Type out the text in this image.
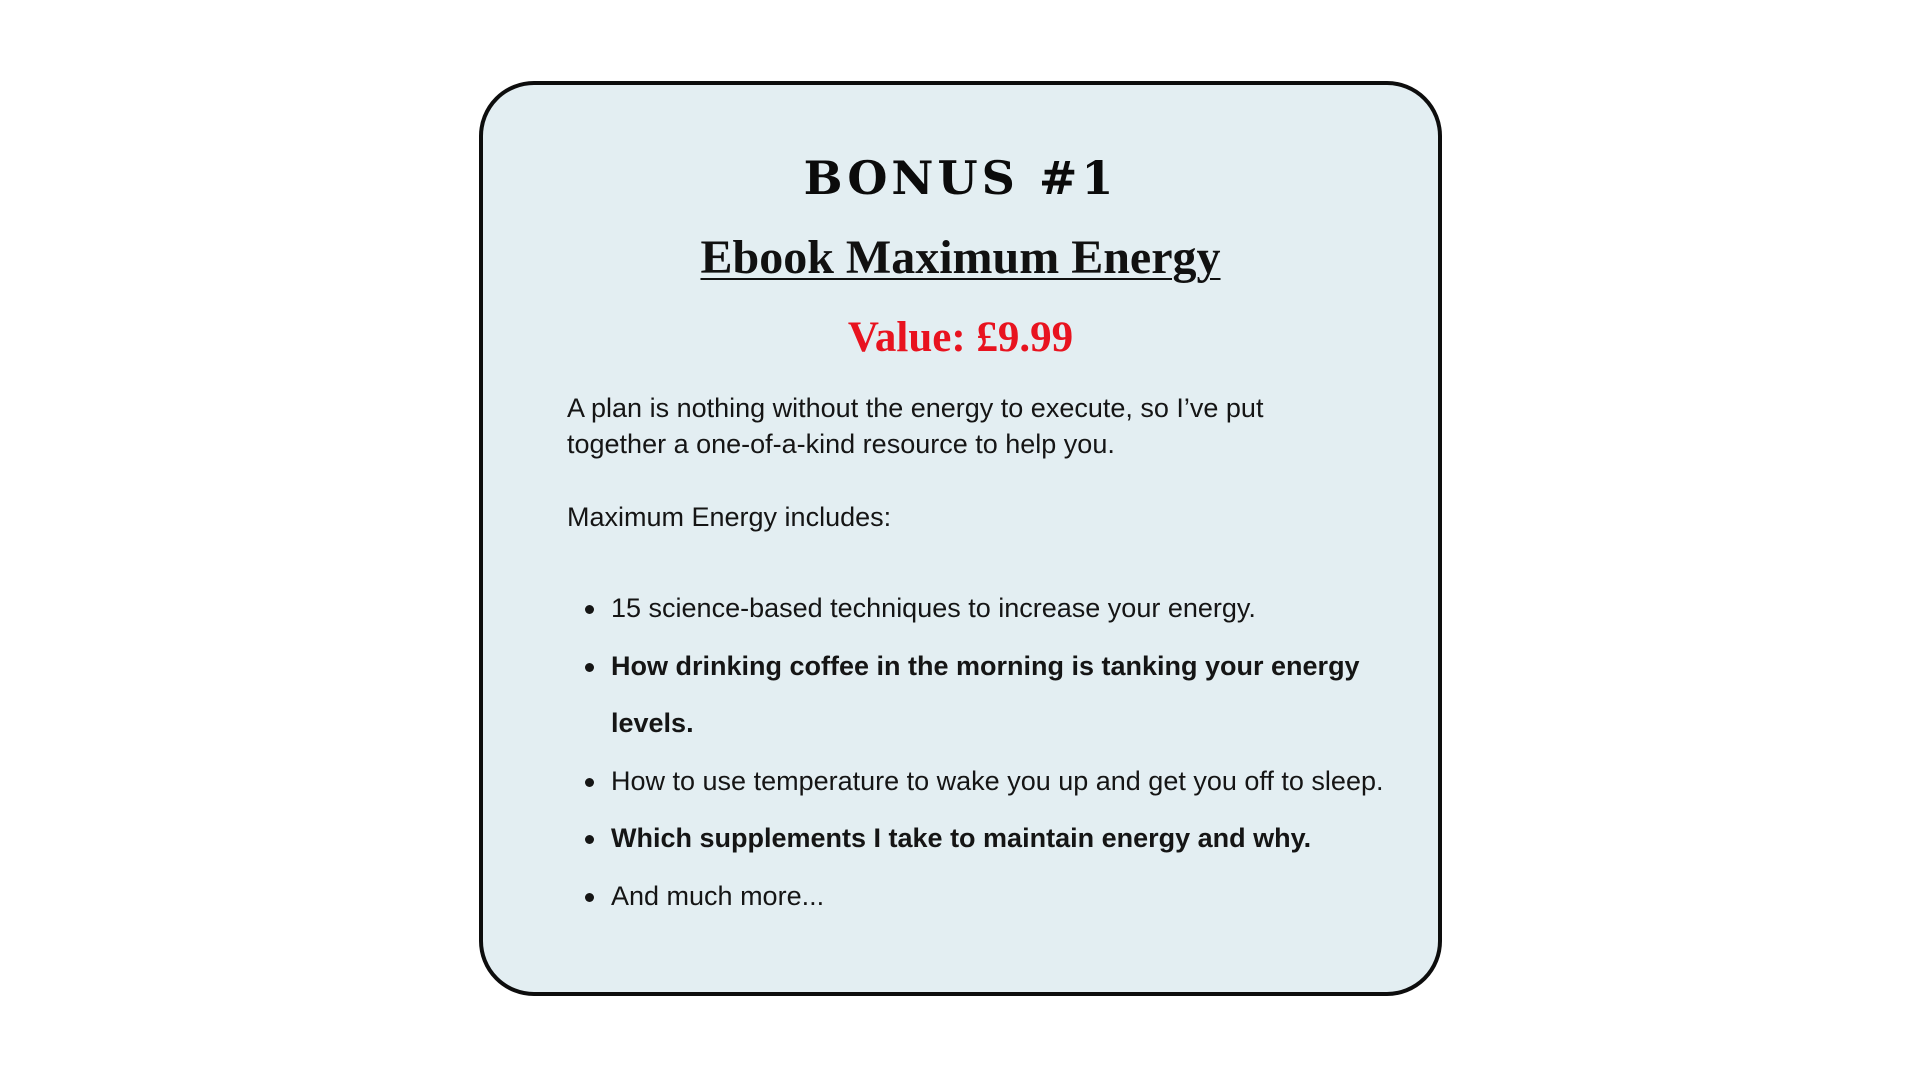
BONUS #1
Ebook Maximum Energy
Value: £9.99

A plan is nothing without the energy to execute, so I’ve put together a one-of-a-kind resource to help you.

Maximum Energy includes:

15 science-based techniques to increase your energy.
How drinking coffee in the morning is tanking your energy levels.
How to use temperature to wake you up and get you off to sleep.
Which supplements I take to maintain energy and why.
And much more...
